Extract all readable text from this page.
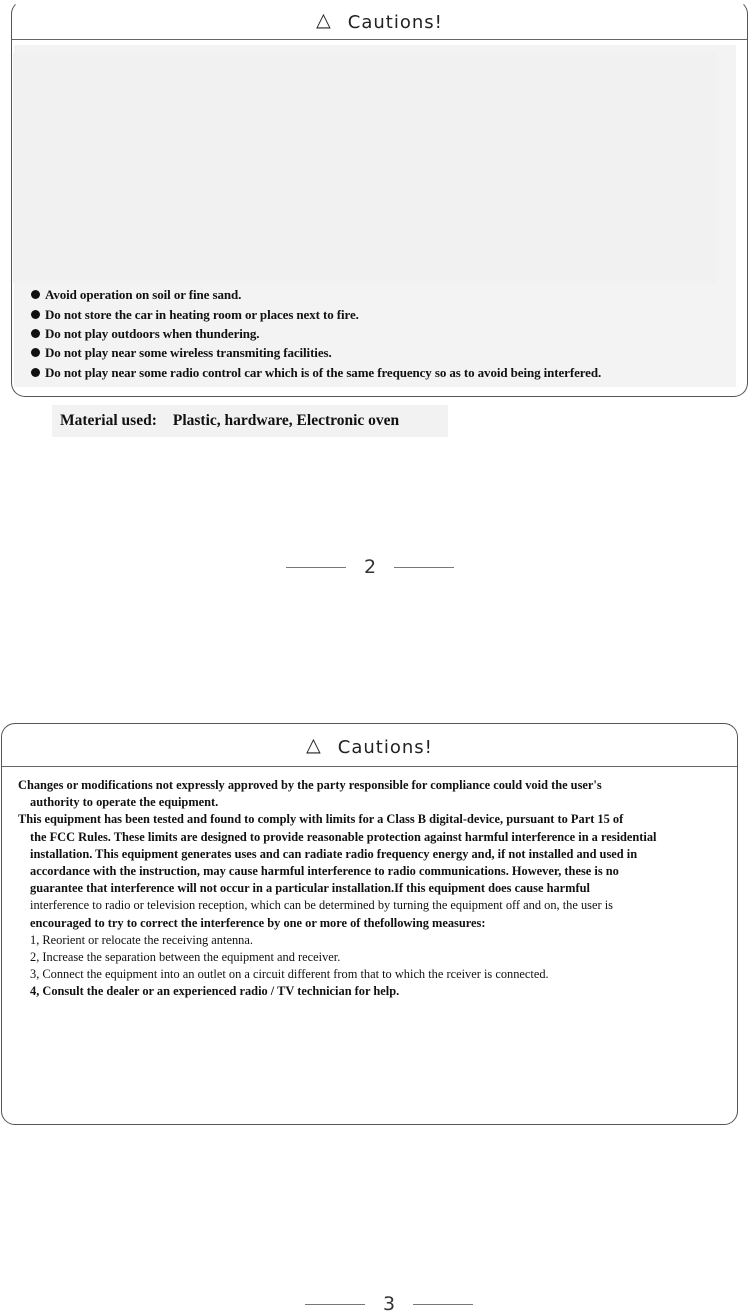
△ Cautions!
Avoid operation on soil or fine sand.
Do not store the car in heating room or places next to fire.
Do not play outdoors when thundering.
Do not play near some wireless transmiting facilities.
Do not play near some radio control car which is of the same frequency so as to avoid being interfered.
Material used: Plastic, hardware, Electronic oven
2
△ Cautions!
Changes or modifications not expressly approved by the party responsible for compliance could void the user's
authority to operate the equipment.
This equipment has been tested and found to comply with limits for a Class B digital-device, pursuant to Part 15 of
the FCC Rules. These limits are designed to provide reasonable protection against harmful interference in a residential
installation. This equipment generates uses and can radiate radio frequency energy and, if not installed and used in
accordance with the instruction, may cause harmful interference to radio communications. However, these is no
guarantee that interference will not occur in a particular installation.If this equipment does cause harmful
interference to radio or television reception, which can be determined by turning the equipment off and on, the user is
encouraged to try to correct the interference by one or more of thefollowing measures:
1, Reorient or relocate the receiving antenna.
2, Increase the separation between the equipment and receiver.
3, Connect the equipment into an outlet on a circuit different from that to which the rceiver is connected.
4, Consult the dealer or an experienced radio / TV technician for help.
3
